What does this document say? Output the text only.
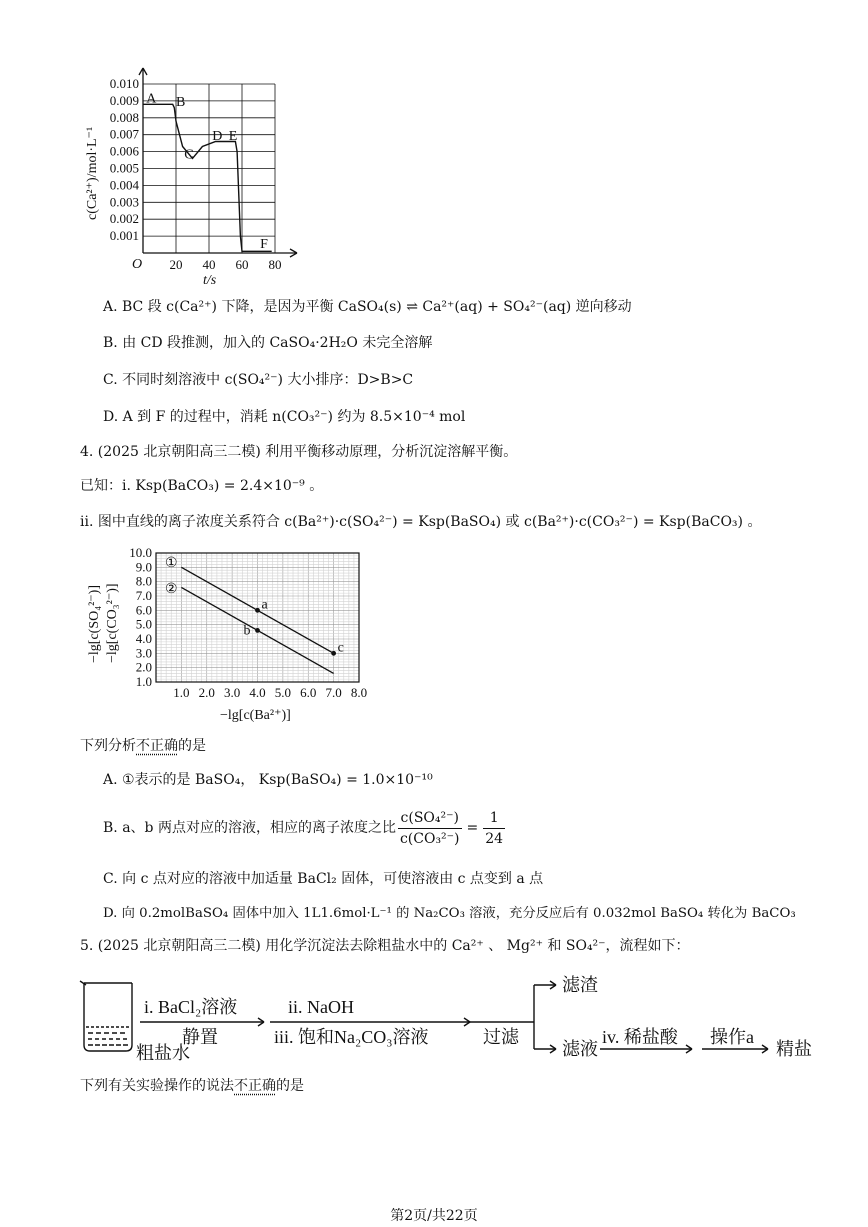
0.010
0.009
0.008
0.007
0.006
0.005
0.004
0.003
0.002
0.001
20 40 60 80
A B
C
D E
F
O
t/s
c(Ca²⁺)/mol·L⁻¹
A. BC 段 c(Ca²⁺) 下降，是因为平衡 CaSO₄(s) ⇌ Ca²⁺(aq) + SO₄²⁻(aq) 逆向移动
B. 由 CD 段推测，加入的 CaSO₄·2H₂O 未完全溶解
C. 不同时刻溶液中 c(SO₄²⁻) 大小排序：D>B>C
D. A 到 F 的过程中，消耗 n(CO₃²⁻) 约为 8.5×10⁻⁴ mol
4. (2025 北京朝阳高三二模) 利用平衡移动原理，分析沉淀溶解平衡。
已知：i. Ksp(BaCO₃) = 2.4×10⁻⁹ 。
ii. 图中直线的离子浓度关系符合 c(Ba²⁺)·c(SO₄²⁻) = Ksp(BaSO₄) 或 c(Ba²⁺)·c(CO₃²⁻) = Ksp(BaCO₃) 。
10.0
9.0
8.0
7.0
6.0
5.0
4.0
3.0
2.0
1.0
1.0 2.0 3.0 4.0 5.0 6.0 7.0 8.0
a
b
c
①
②
−lg[c(SO₄²⁻)] −lg[c(CO₃²⁻)]
−lg[c(Ba²⁺)]
下列分析不正确的是
A. ①表示的是 BaSO₄， Ksp(BaSO₄) = 1.0×10⁻¹⁰
B. a、b 两点对应的溶液，相应的离子浓度之比 $\frac{\text{c(SO₄²⁻)}}{\text{c(CO₃²⁻)}} = \frac{1}{24}$
C. 向 c 点对应的溶液中加适量 BaCl₂ 固体，可使溶液由 c 点变到 a 点
D. 向 0.2molBaSO₄ 固体中加入 1L1.6mol·L⁻¹ 的 Na₂CO₃ 溶液，充分反应后有 0.032mol BaSO₄ 转化为 BaCO₃
5. (2025 北京朝阳高三二模) 用化学沉淀法去除粗盐水中的 Ca²⁺ 、 Mg²⁺ 和 SO₄²⁻，流程如下：
粗盐水
i. BaCl₂溶液
静置
ii. NaOH
iii. 饱和Na₂CO₃溶液	过滤
滤渣
滤液
iv. 稀盐酸 操作a
精盐
下列有关实验操作的说法不正确的是
第2页/共22页
